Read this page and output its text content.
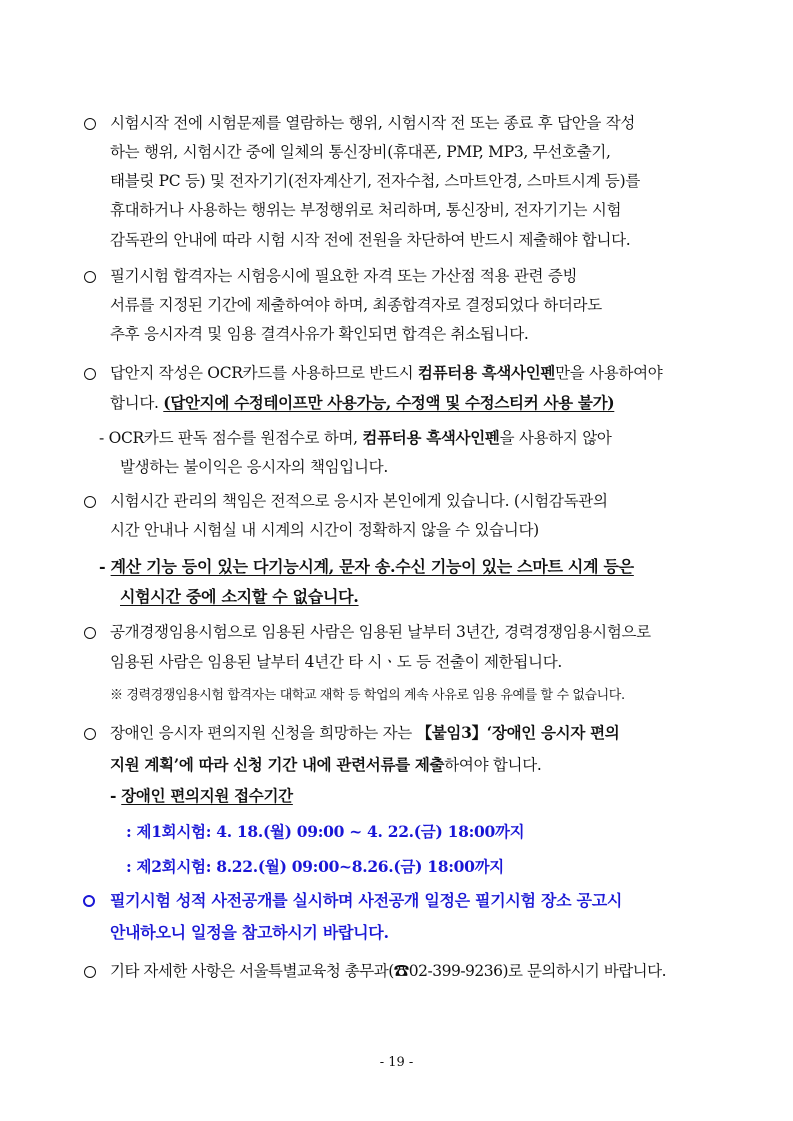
시험시작 전에 시험문제를 열람하는 행위, 시험시작 전 또는 종료 후 답안을 작성
하는 행위, 시험시간 중에 일체의 통신장비(휴대폰, PMP, MP3, 무선호출기,
태블릿 PC 등) 및 전자기기(전자계산기, 전자수첩, 스마트안경, 스마트시계 등)를
휴대하거나 사용하는 행위는 부정행위로 처리하며, 통신장비, 전자기기는 시험
감독관의 안내에 따라 시험 시작 전에 전원을 차단하여 반드시 제출해야 합니다.
필기시험 합격자는 시험응시에 필요한 자격 또는 가산점 적용 관련 증빙
서류를 지정된 기간에 제출하여야 하며, 최종합격자로 결정되었다 하더라도
추후 응시자격 및 임용 결격사유가 확인되면 합격은 취소됩니다.
답안지 작성은 OCR카드를 사용하므로 반드시 컴퓨터용 흑색사인펜만을 사용하여야
합니다. (답안지에 수정테이프만 사용가능, 수정액 및 수정스티커 사용 불가)
- OCR카드 판독 점수를 원점수로 하며, 컴퓨터용 흑색사인펜을 사용하지 않아
발생하는 불이익은 응시자의 책임입니다.
시험시간 관리의 책임은 전적으로 응시자 본인에게 있습니다. (시험감독관의
시간 안내나 시험실 내 시계의 시간이 정확하지 않을 수 있습니다)
- 계산 기능 등이 있는 다기능시계, 문자 송.수신 기능이 있는 스마트 시계 등은
시험시간 중에 소지할 수 없습니다.
공개경쟁임용시험으로 임용된 사람은 임용된 날부터 3년간, 경력경쟁임용시험으로
임용된 사람은 임용된 날부터 4년간 타 시ㆍ도 등 전출이 제한됩니다.
※ 경력경쟁임용시험 합격자는 대학교 재학 등 학업의 계속 사유로 임용 유예를 할 수 없습니다.
장애인 응시자 편의지원 신청을 희망하는 자는 【붙임3】‘장애인 응시자 편의
지원 계획’에 따라 신청 기간 내에 관련서류를 제출하여야 합니다.
- 장애인 편의지원 접수기간
: 제1회시험: 4. 18.(월) 09:00 ~ 4. 22.(금) 18:00까지
: 제2회시험: 8.22.(월) 09:00~8.26.(금) 18:00까지
필기시험 성적 사전공개를 실시하며 사전공개 일정은 필기시험 장소 공고시
안내하오니 일정을 참고하시기 바랍니다.
기타 자세한 사항은 서울특별교육청 총무과(☎02-399-9236)로 문의하시기 바랍니다.
- 19 -
